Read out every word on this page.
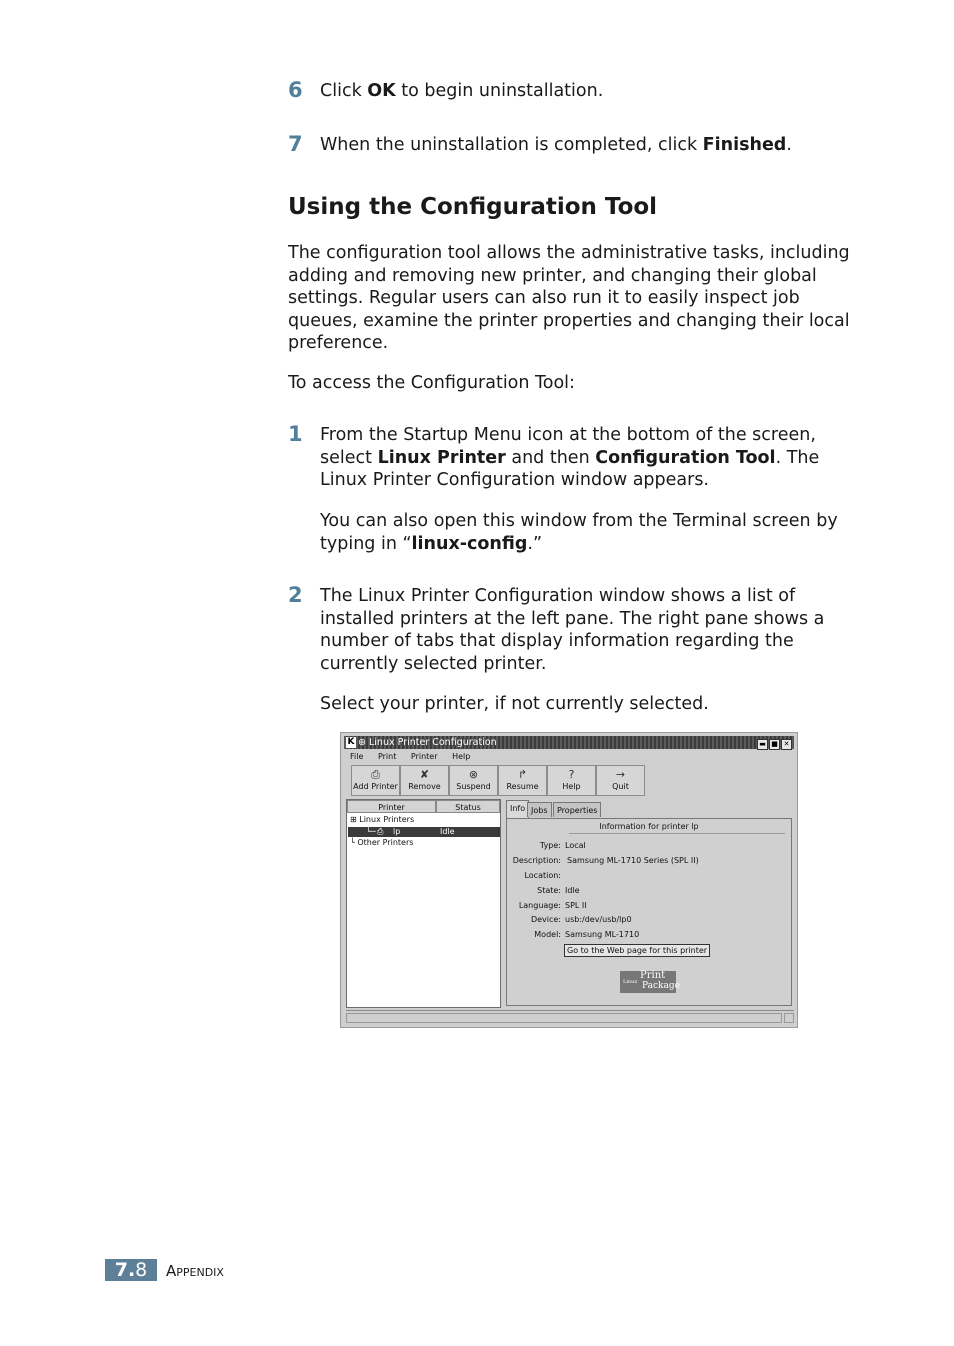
6 Click OK to begin uninstallation.
7 When the uninstallation is completed, click Finished.
Using the Configuration Tool
The configuration tool allows the administrative tasks, including
adding and removing new printer, and changing their global
settings. Regular users can also run it to easily inspect job
queues, examine the printer properties and changing their local
preference.
To access the Configuration Tool:
1 From the Startup Menu icon at the bottom of the screen,
select Linux Printer and then Configuration Tool. The
Linux Printer Configuration window appears.
You can also open this window from the Terminal screen by
typing in “linux-config.”
2 The Linux Printer Configuration window shows a list of
installed printers at the left pane. The right pane shows a
number of tabs that display information regarding the
currently selected printer.
Select your printer, if not currently selected.
K ⊕ Linux Printer Configuration	▬ ■ ✕
File Print Printer Help
⎙
Add Printer
✘
Remove
⊗
Suspend
↱
Resume
?
Help
→
Quit
Printer	Status
⊞ Linux Printers
└─ ⎙ lp	Idle
└ Other Printers
Info Jobs	Properties
Information for printer lp
Type: Local
Description: Samsung ML-1710 Series (SPL II)
Location:
State: Idle
Language: SPL II
Device: usb:/dev/usb/lp0
Model: Samsung ML-1710
Go to the Web page for this printer
Linux
Print
Package
7.8	Appendix
